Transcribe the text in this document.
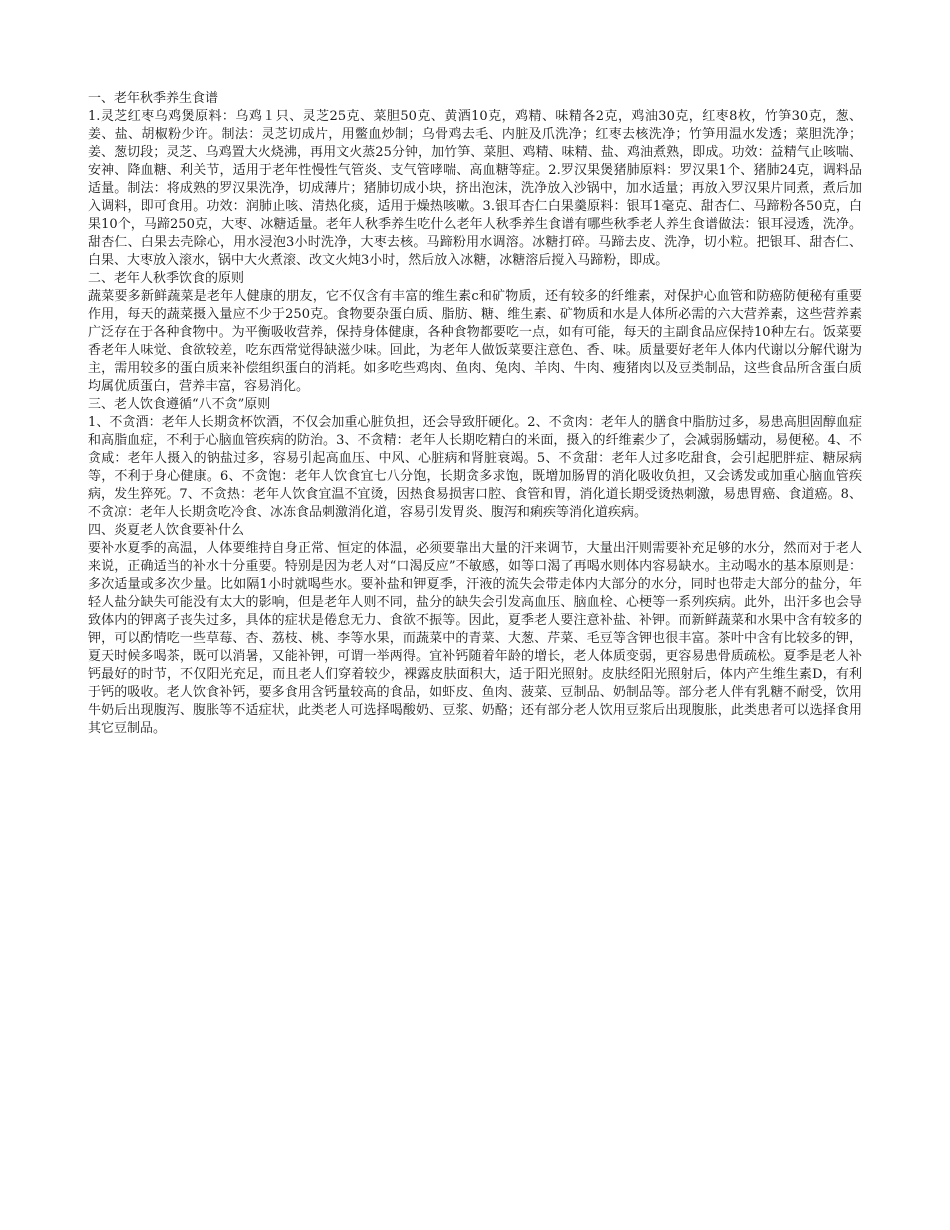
一、老年秋季养生食谱

1.灵芝红枣乌鸡煲原料：乌鸡１只、灵芝25克、菜胆50克、黄酒10克，鸡精、味精各2克，鸡油30克，红枣8枚，竹笋30克，葱、姜、盐、胡椒粉少许。制法：灵芝切成片，用鳖血炒制；乌骨鸡去毛、内脏及爪洗净；红枣去核洗净；竹笋用温水发透；菜胆洗净；姜、葱切段；灵芝、乌鸡置大火烧沸，再用文火蒸25分钟，加竹笋、菜胆、鸡精、味精、盐、鸡油煮熟，即成。功效：益精气止咳喘、安神、降血糖、利关节，适用于老年性慢性气管炎、支气管哮喘、高血糖等症。2.罗汉果煲猪肺原料：罗汉果1个、猪肺24克，调料品适量。制法：将成熟的罗汉果洗净，切成薄片；猪肺切成小块，挤出泡沫，洗净放入沙锅中，加水适量；再放入罗汉果片同煮，煮后加入调料，即可食用。功效：润肺止咳、清热化痰，适用于燥热咳嗽。3.银耳杏仁白果羹原料：银耳1毫克、甜杏仁、马蹄粉各50克，白果10个，马蹄250克，大枣、冰糖适量。老年人秋季养生吃什么老年人秋季养生食谱有哪些秋季老人养生食谱做法：银耳浸透，洗净。甜杏仁、白果去壳除心，用水浸泡3小时洗净，大枣去核。马蹄粉用水调溶。冰糖打碎。马蹄去皮、洗净，切小粒。把银耳、甜杏仁、白果、大枣放入滚水，锅中大火煮滚、改文火炖3小时，然后放入冰糖，冰糖溶后搅入马蹄粉，即成。

二、老年人秋季饮食的原则

蔬菜要多新鲜蔬菜是老年人健康的朋友，它不仅含有丰富的维生素c和矿物质，还有较多的纤维素，对保护心血管和防癌防便秘有重要作用，每天的蔬菜摄入量应不少于250克。食物要杂蛋白质、脂肪、糖、维生素、矿物质和水是人体所必需的六大营养素，这些营养素广泛存在于各种食物中。为平衡吸收营养，保持身体健康，各种食物都要吃一点，如有可能，每天的主副食品应保持10种左右。饭菜要香老年人味觉、食欲较差，吃东西常觉得缺滋少味。回此，为老年人做饭菜要注意色、香、味。质量要好老年人体内代谢以分解代谢为主，需用较多的蛋白质来补偿组织蛋白的消耗。如多吃些鸡肉、鱼肉、兔肉、羊肉、牛肉、瘦猪肉以及豆类制品，这些食品所含蛋白质均属优质蛋白，营养丰富，容易消化。

三、老人饮食遵循“八不贪”原则

1、不贪酒：老年人长期贪杯饮酒，不仅会加重心脏负担，还会导致肝硬化。2、不贪肉：老年人的膳食中脂肪过多，易患高胆固醇血症和高脂血症，不利于心脑血管疾病的防治。3、不贪精：老年人长期吃精白的米面，摄入的纤维素少了，会减弱肠蠕动，易便秘。4、不贪咸：老年人摄入的钠盐过多，容易引起高血压、中风、心脏病和肾脏衰竭。5、不贪甜：老年人过多吃甜食，会引起肥胖症、糖尿病等，不利于身心健康。6、不贪饱：老年人饮食宜七八分饱，长期贪多求饱，既增加肠胃的消化吸收负担，又会诱发或加重心脑血管疾病，发生猝死。7、不贪热：老年人饮食宜温不宜烫，因热食易损害口腔、食管和胃，消化道长期受烫热刺激，易患胃癌、食道癌。8、不贪凉：老年人长期贪吃冷食、冰冻食品刺激消化道，容易引发胃炎、腹泻和痢疾等消化道疾病。

四、炎夏老人饮食要补什么

要补水夏季的高温，人体要维持自身正常、恒定的体温，必须要靠出大量的汗来调节，大量出汗则需要补充足够的水分，然而对于老人来说，正确适当的补水十分重要。特别是因为老人对“口渴反应”不敏感，如等口渴了再喝水则体内容易缺水。主动喝水的基本原则是：多次适量或多次少量。比如隔1小时就喝些水。要补盐和钾夏季，汗液的流失会带走体内大部分的水分，同时也带走大部分的盐分，年轻人盐分缺失可能没有太大的影响，但是老年人则不同，盐分的缺失会引发高血压、脑血栓、心梗等一系列疾病。此外，出汗多也会导致体内的钾离子丧失过多，具体的症状是倦怠无力、食欲不振等。因此，夏季老人要注意补盐、补钾。而新鲜蔬菜和水果中含有较多的钾，可以酌情吃一些草莓、杏、荔枝、桃、李等水果，而蔬菜中的青菜、大葱、芹菜、毛豆等含钾也很丰富。茶叶中含有比较多的钾，夏天时候多喝茶，既可以消暑，又能补钾，可谓一举两得。宜补钙随着年龄的增长，老人体质变弱，更容易患骨质疏松。夏季是老人补钙最好的时节，不仅阳光充足，而且老人们穿着较少，裸露皮肤面积大，适于阳光照射。皮肤经阳光照射后，体内产生维生素D，有利于钙的吸收。老人饮食补钙，要多食用含钙量较高的食品，如虾皮、鱼肉、菠菜、豆制品、奶制品等。部分老人伴有乳糖不耐受，饮用牛奶后出现腹泻、腹胀等不适症状，此类老人可选择喝酸奶、豆浆、奶酪；还有部分老人饮用豆浆后出现腹胀，此类患者可以选择食用其它豆制品。
